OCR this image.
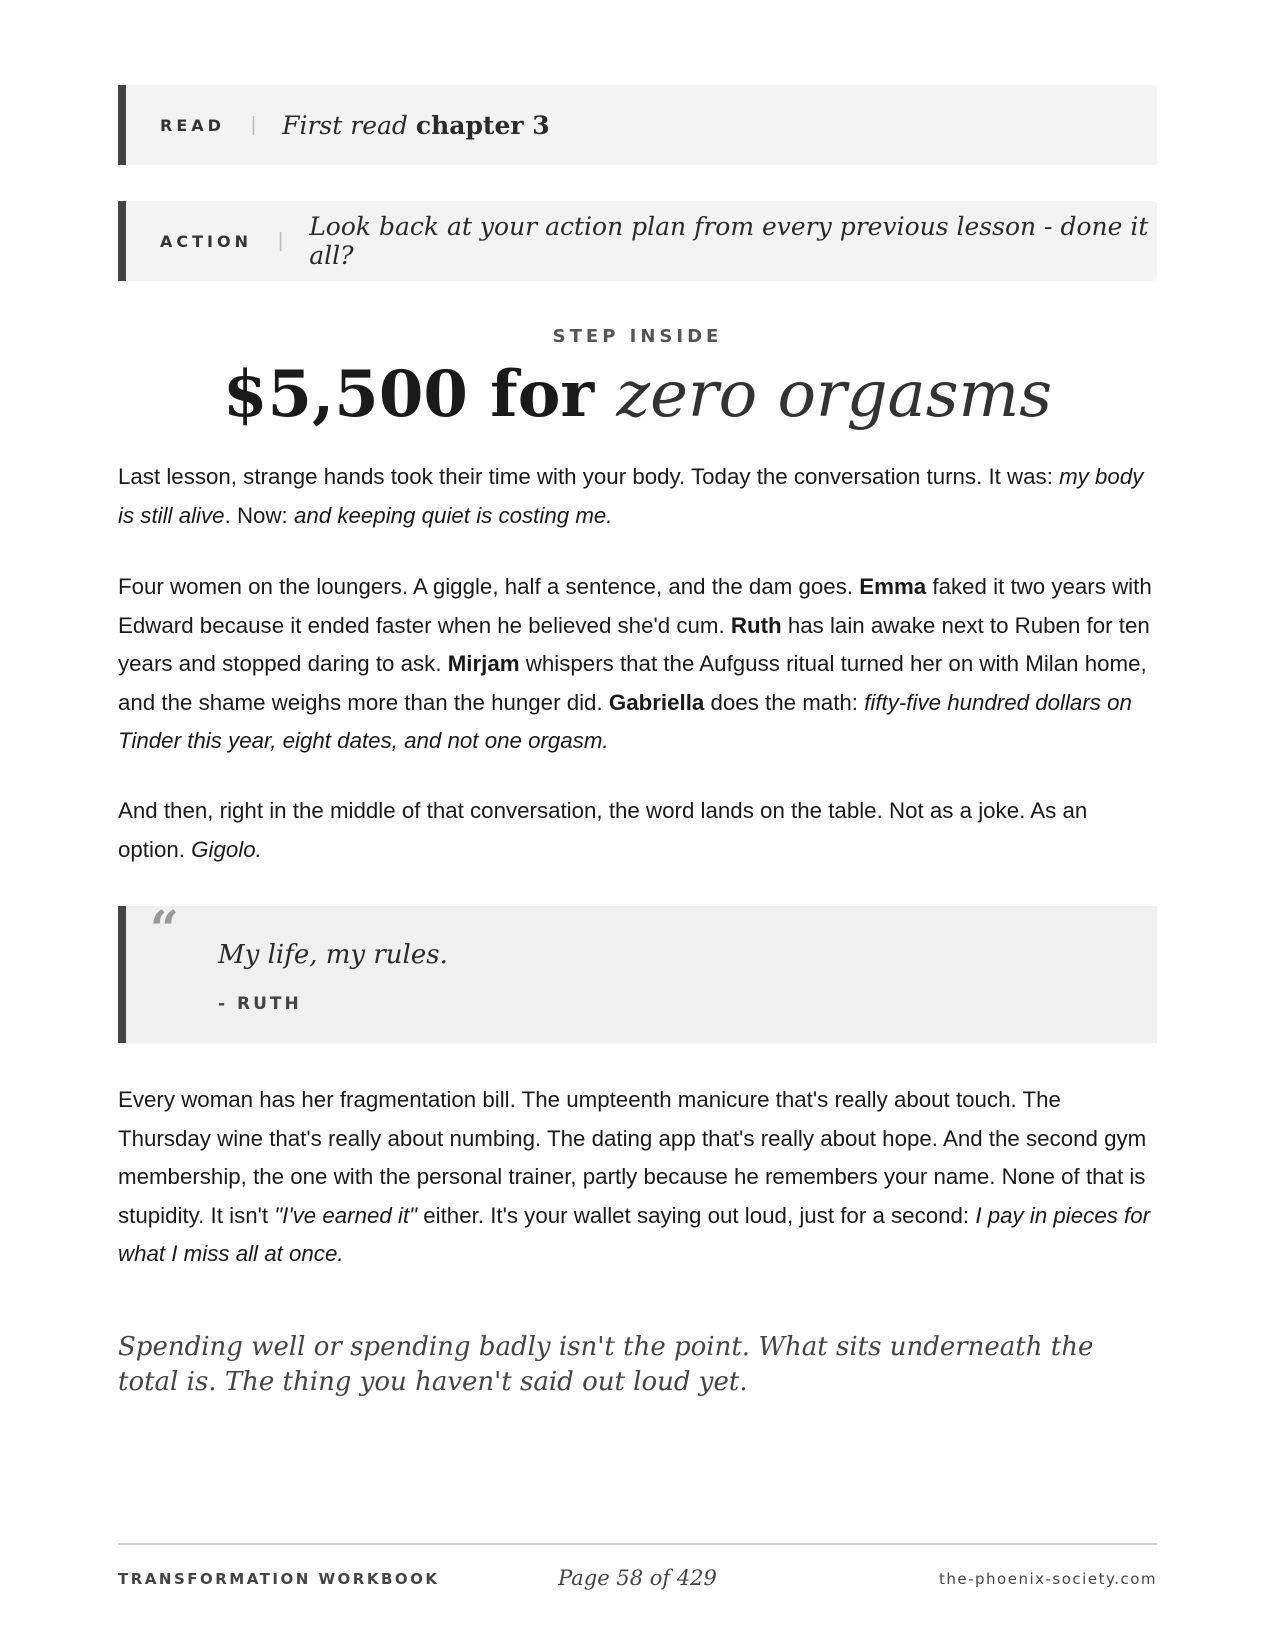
READ | First read chapter 3
ACTION | Look back at your action plan from every previous lesson - done it all?
STEP INSIDE
$5,500 for zero orgasms

Last lesson, strange hands took their time with your body. Today the conversation turns. It was: my body is still alive. Now: and keeping quiet is costing me.

Four women on the loungers. A giggle, half a sentence, and the dam goes. Emma faked it two years with Edward because it ended faster when he believed she'd cum. Ruth has lain awake next to Ruben for ten years and stopped daring to ask. Mirjam whispers that the Aufguss ritual turned her on with Milan home, and the shame weighs more than the hunger did. Gabriella does the math: fifty-five hundred dollars on Tinder this year, eight dates, and not one orgasm.

And then, right in the middle of that conversation, the word lands on the table. Not as a joke. As an option. Gigolo.

“ My life, my rules.
- RUTH

Every woman has her fragmentation bill. The umpteenth manicure that's really about touch. The Thursday wine that's really about numbing. The dating app that's really about hope. And the second gym membership, the one with the personal trainer, partly because he remembers your name. None of that is stupidity. It isn't "I've earned it" either. It's your wallet saying out loud, just for a second: I pay in pieces for what I miss all at once.

Spending well or spending badly isn't the point. What sits underneath the total is. The thing you haven't said out loud yet.

TRANSFORMATION WORKBOOK	Page 58 of 429	the-phoenix-society.com
